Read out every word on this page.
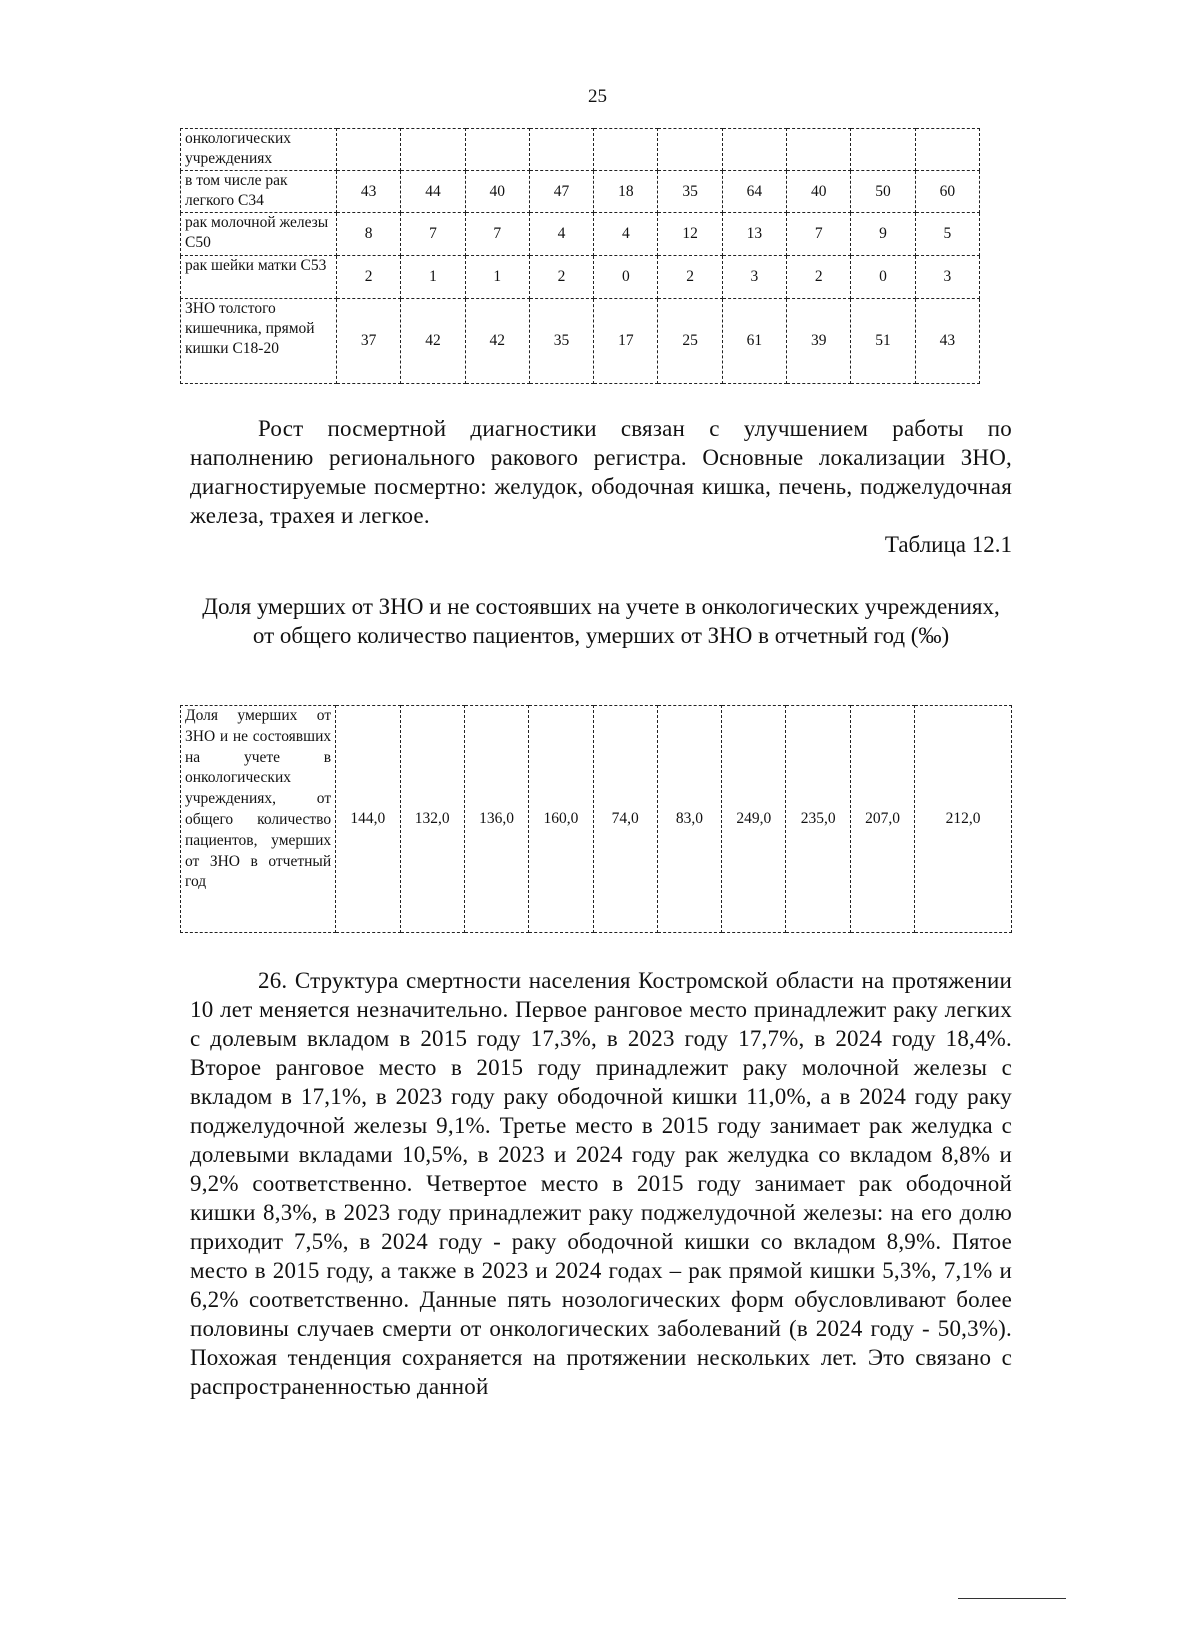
25
онкологических учреждениях										
в том числе рак легкого С34	43	44	40	47	18	35	64	40	50	60
рак молочной железы С50	8	7	7	4	4	12	13	7	9	5
рак шейки матки С53	2	1	1	2	0	2	3	2	0	3
ЗНО толстого кишечника, прямой кишки С18-20	37	42	42	35	17	25	61	39	51	43
Рост посмертной диагностики связан с улучшением работы по наполнению регионального ракового регистра. Основные локализации ЗНО, диагностируемые посмертно: желудок, ободочная кишка, печень, поджелудочная железа, трахея и легкое.
Таблица 12.1
Доля умерших от ЗНО и не состоявших на учете в онкологических учреждениях, от общего количество пациентов, умерших от ЗНО в отчетный год (‰)
Доля умерших от ЗНО и не состоявших на учете в онкологических учреждениях, от общего количество пациентов, умерших от ЗНО в отчетный год	144,0	132,0	136,0	160,0	74,0	83,0	249,0	235,0	207,0	212,0
26. Структура смертности населения Костромской области на протяжении 10 лет меняется незначительно. Первое ранговое место принадлежит раку легких с долевым вкладом в 2015 году 17,3%, в 2023 году 17,7%, в 2024 году 18,4%. Второе ранговое место в 2015 году принадлежит раку молочной железы с вкладом в 17,1%, в 2023 году раку ободочной кишки 11,0%, а в 2024 году раку поджелудочной железы 9,1%. Третье место в 2015 году занимает рак желудка с долевыми вкладами 10,5%, в 2023 и 2024 году рак желудка со вкладом 8,8% и 9,2% соответственно. Четвертое место в 2015 году занимает рак ободочной кишки 8,3%, в 2023 году принадлежит раку поджелудочной железы: на его долю приходит 7,5%, в 2024 году - раку ободочной кишки со вкладом 8,9%. Пятое место в 2015 году, а также в 2023 и 2024 годах – рак прямой кишки 5,3%, 7,1% и 6,2% соответственно. Данные пять нозологических форм обусловливают более половины случаев смерти от онкологических заболеваний (в 2024 году - 50,3%). Похожая тенденция сохраняется на протяжении нескольких лет. Это связано с распространенностью данной
